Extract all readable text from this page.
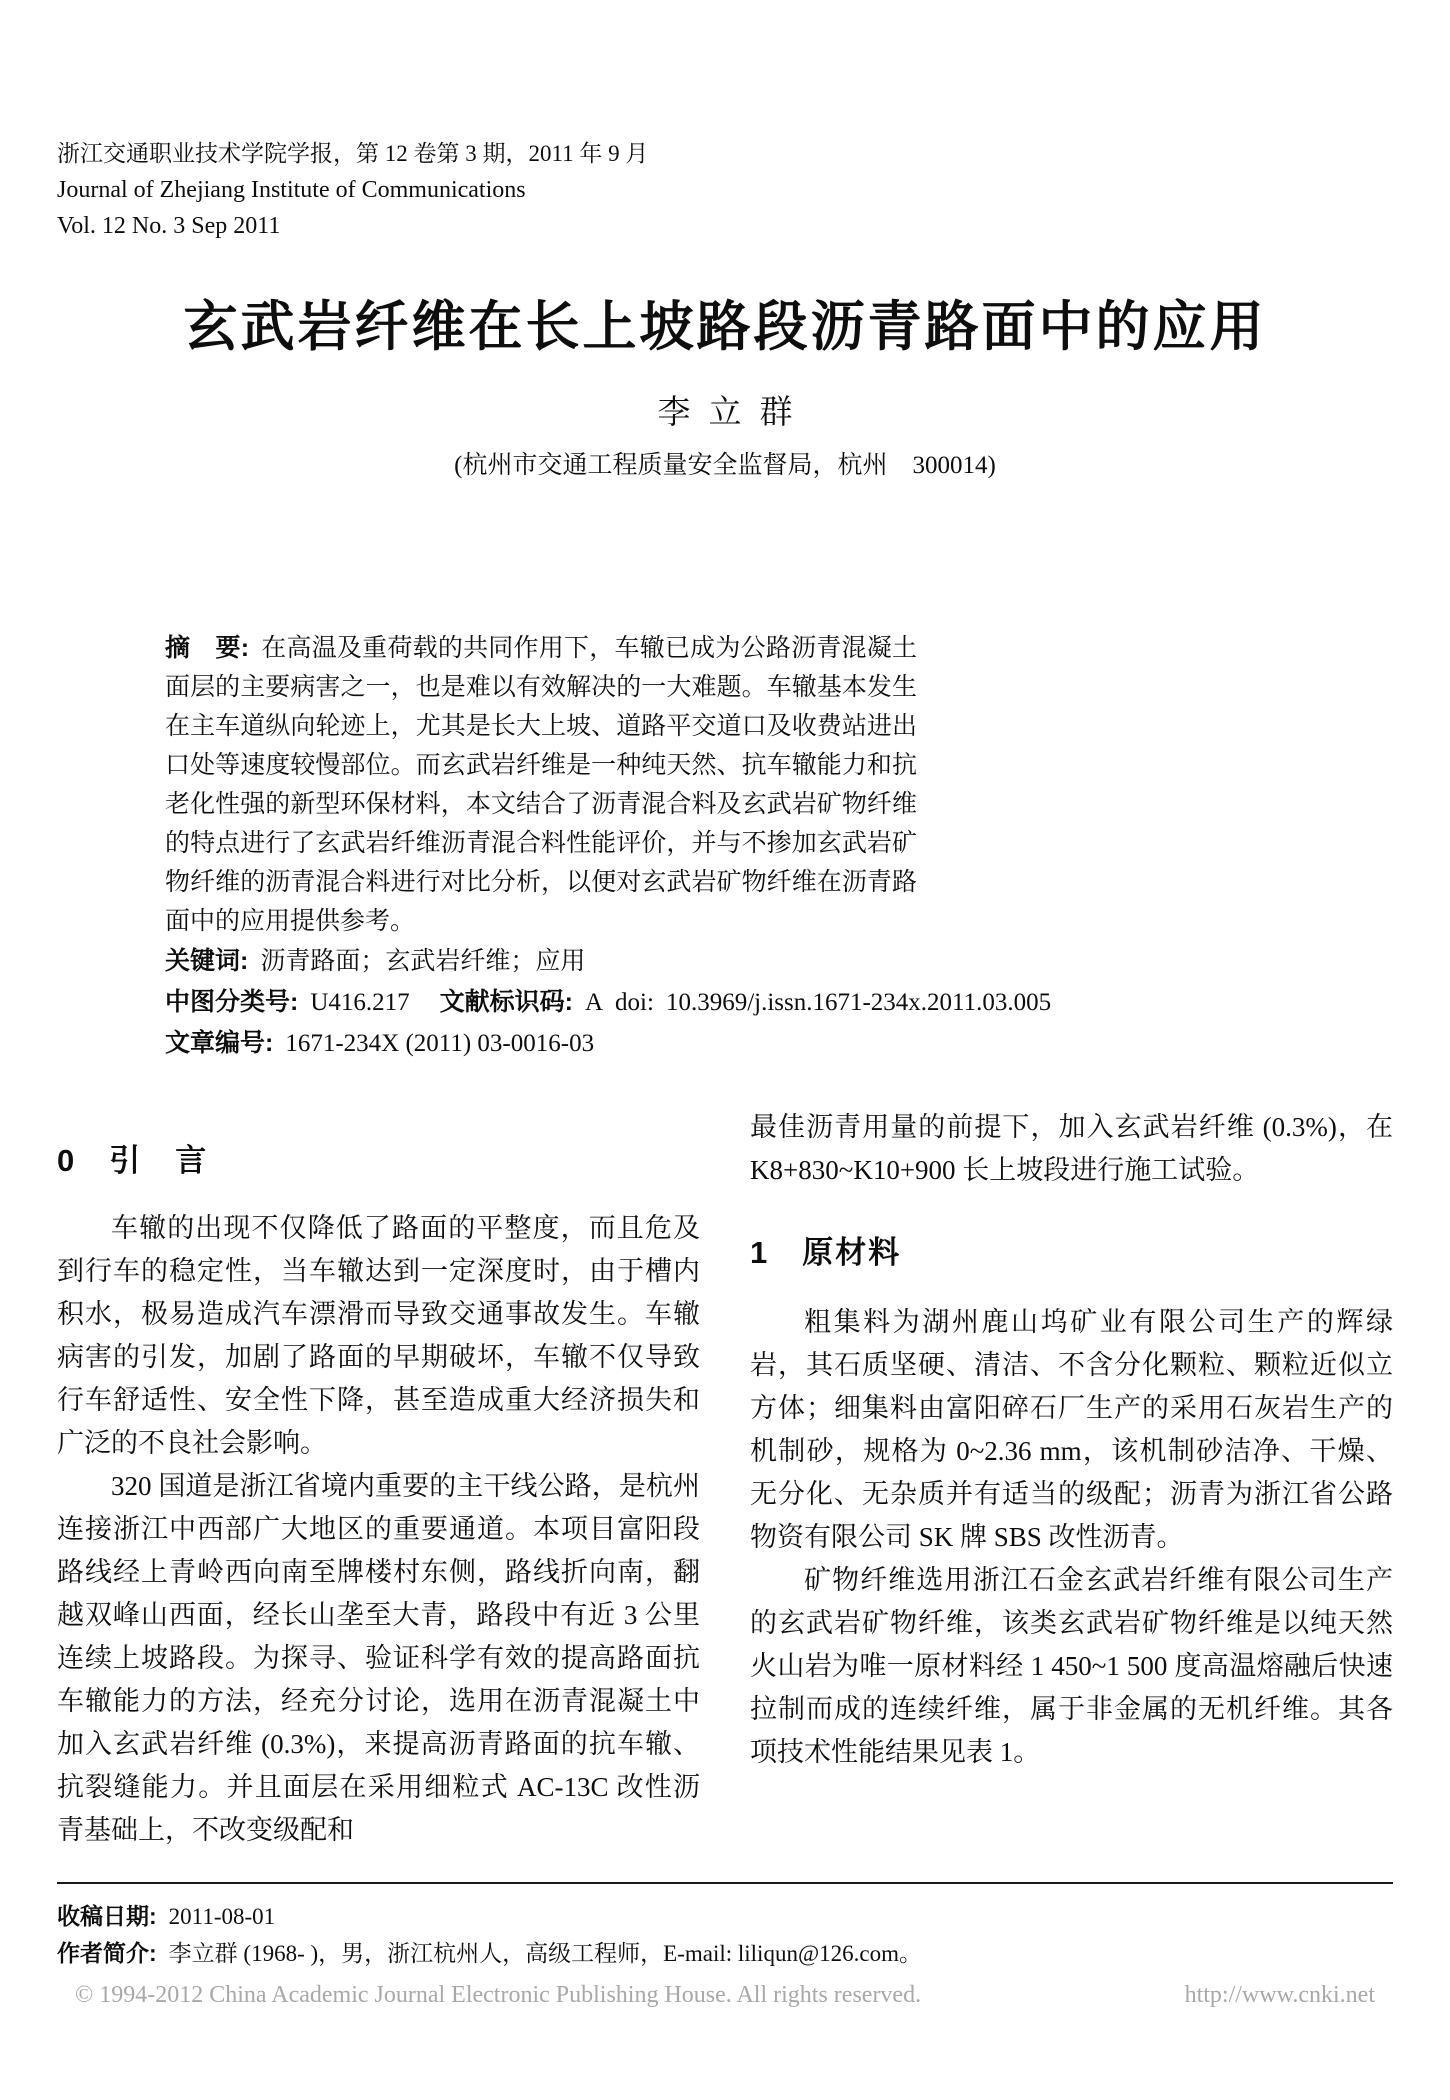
浙江交通职业技术学院学报，第 12 卷第 3 期，2011 年 9 月

Journal of Zhejiang Institute of Communications

Vol. 12 No. 3 Sep 2011

玄武岩纤维在长上坡路段沥青路面中的应用

李立群

(杭州市交通工程质量安全监督局，杭州　300014)

摘　要: 在高温及重荷载的共同作用下，车辙已成为公路沥青混凝土面层的主要病害之一，也是难以有效解决的一大难题。车辙基本发生在主车道纵向轮迹上，尤其是长大上坡、道路平交道口及收费站进出口处等速度较慢部位。而玄武岩纤维是一种纯天然、抗车辙能力和抗老化性强的新型环保材料，本文结合了沥青混合料及玄武岩矿物纤维的特点进行了玄武岩纤维沥青混合料性能评价，并与不掺加玄武岩矿物纤维的沥青混合料进行对比分析，以便对玄武岩矿物纤维在沥青路面中的应用提供参考。

关键词: 沥青路面；玄武岩纤维；应用

中图分类号: U416.217 文献标识码: A doi: 10.3969/j.issn.1671-234x.2011.03.005

文章编号: 1671-234X (2011) 03-0016-03

0　引　言

车辙的出现不仅降低了路面的平整度，而且危及到行车的稳定性，当车辙达到一定深度时，由于槽内积水，极易造成汽车漂滑而导致交通事故发生。车辙病害的引发，加剧了路面的早期破坏，车辙不仅导致行车舒适性、安全性下降，甚至造成重大经济损失和广泛的不良社会影响。

320 国道是浙江省境内重要的主干线公路，是杭州连接浙江中西部广大地区的重要通道。本项目富阳段路线经上青岭西向南至牌楼村东侧，路线折向南，翻越双峰山西面，经长山垄至大青，路段中有近 3 公里连续上坡路段。为探寻、验证科学有效的提高路面抗车辙能力的方法，经充分讨论，选用在沥青混凝土中加入玄武岩纤维 (0.3%)，来提高沥青路面的抗车辙、抗裂缝能力。并且面层在采用细粒式 AC-13C 改性沥青基础上，不改变级配和

最佳沥青用量的前提下，加入玄武岩纤维 (0.3%)，在 K8+830~K10+900 长上坡段进行施工试验。

1　原材料

粗集料为湖州鹿山坞矿业有限公司生产的辉绿岩，其石质坚硬、清洁、不含分化颗粒、颗粒近似立方体；细集料由富阳碎石厂生产的采用石灰岩生产的机制砂，规格为 0~2.36 mm，该机制砂洁净、干燥、无分化、无杂质并有适当的级配；沥青为浙江省公路物资有限公司 SK 牌 SBS 改性沥青。

矿物纤维选用浙江石金玄武岩纤维有限公司生产的玄武岩矿物纤维，该类玄武岩矿物纤维是以纯天然火山岩为唯一原材料经 1 450~1 500 度高温熔融后快速拉制而成的连续纤维，属于非金属的无机纤维。其各项技术性能结果见表 1。

收稿日期: 2011-08-01

作者简介: 李立群 (1968- )，男，浙江杭州人，高级工程师，E-mail: liliqun@126.com。

© 1994-2012 China Academic Journal Electronic Publishing House. All rights reserved.	http://www.cnki.net
